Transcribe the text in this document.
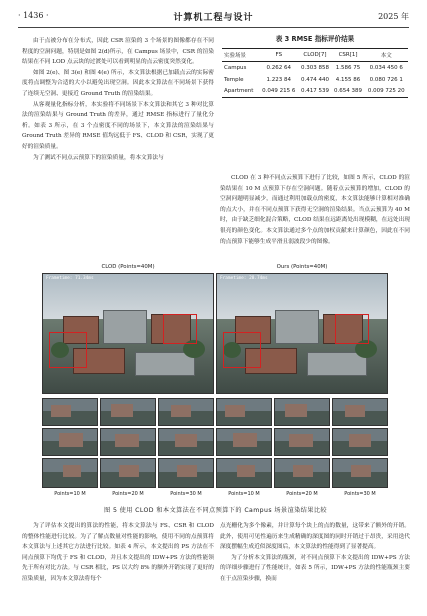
· 1436 ·	计算机工程与设计	2025 年

由于点被分布在分布式，因此 CSR 渲染的 3 个场景的图像都存在不同程度的空洞问题，特别是如图 2(d)所示，在 Campus 场景中，CSR 的渲染结果在不同 LOD 点云块的过渡处可以看到明显的点云密度突然变化。

如图 2(e)、图 3(e) 和图 4(e) 所示，本文算法根据已加载点云的实际密度将点调整为合适的大小以避免出现空洞。因此本文算法在不同场景下获得了连续无空洞、更接近 Ground Truth 的渲染结果。

从客观量化指标分析，本实验将不同场景下本文算法和其它 3 种对比算法的渲染结果与 Ground Truth 的差异，通过 RMSE 指标进行了量化分析。如表 3 所示，在 3 个点密度不同的场景下，本文算法的渲染结果与 Ground Truth 差异的 RMSE 值均远低于 FS、CLOD 和 CSR，实现了更好的渲染质量。

为了测试不同点云预算下的渲染质量，将本文算法与

表 3 RMSE 指标评价结果
实验场景	FS	CLOD[7]	CSR[1]	本文
Campus	0.262 64	0.303 858	1.586 75	0.034 450 6
Temple	1.223 84	0.474 440	4.155 86	0.080 726 1
Apartment	0.049 215 6	0.417 539	0.654 389	0.009 725 20

CLOD 在 3 种不同点云预算下进行了比较，如图 5 所示，CLOD 的渲染结果在 10 M 点预算下存在空洞问题。随着点云预算的增加，CLOD 的空洞问题明显减少，而通过利用加载点的密度，本文算法能够计算相对准确的点大小，并在不同点预算下获得无空洞的渲染结果。当点云预算为 40 M 时，由于缺乏细化混合策略，CLOD 结果在远距离处出现模糊，在远处出现很亮的颜色变化。本文算法通过多个点的加权贡献来计算颜色，因此在不同的点预算下能够生成平滑且弱波段少的图像。

CLOD (Points=40M)	Ours (Points=40M)
Frametime: 71.34ms	Frametime: 28.74ms
Points=10 M	Points=20 M	Points=30 M	Points=10 M	Points=20 M	Points=30 M
图 5 使用 CLOD 和本文算法在不同点预算下的 Campus 场景渲染结果比较

为了评估本文提出的算法的性能，将本文算法与 FS、CSR 和 CLOD 的整体性能进行比较。为了了解点数量对性能的影响，使用不同的点预算将本文算法与上述其它方法进行比较。如表 4 所示，本文提出的 PS 方法在不同点预算下均优于 FS 和 CLOD，并且本文提出的 IDW+PS 方法的性能领先于所有对比方法。与 CSR 相比，PS 以大约 8% 的额外开销实现了更好的渲染质量，因为本文算法将每个

点光栅化为多个像素，并计算每个块上的点的数量，这带来了额外的开销。此外，使用可见性遍历来生成精确的深度图的同时开销过于昂贵，采用迭代深度摆幅生成近似深度图后，本文算法的性能得到了显著提高。

为了分析本文算法的瓶颈，对不同点预算下本文提出的 IDW+PS 方法的详细步骤进行了性能统计，如表 5 所示，IDW+PS 方法的性能瓶颈主要在于点渲染步骤，换而
